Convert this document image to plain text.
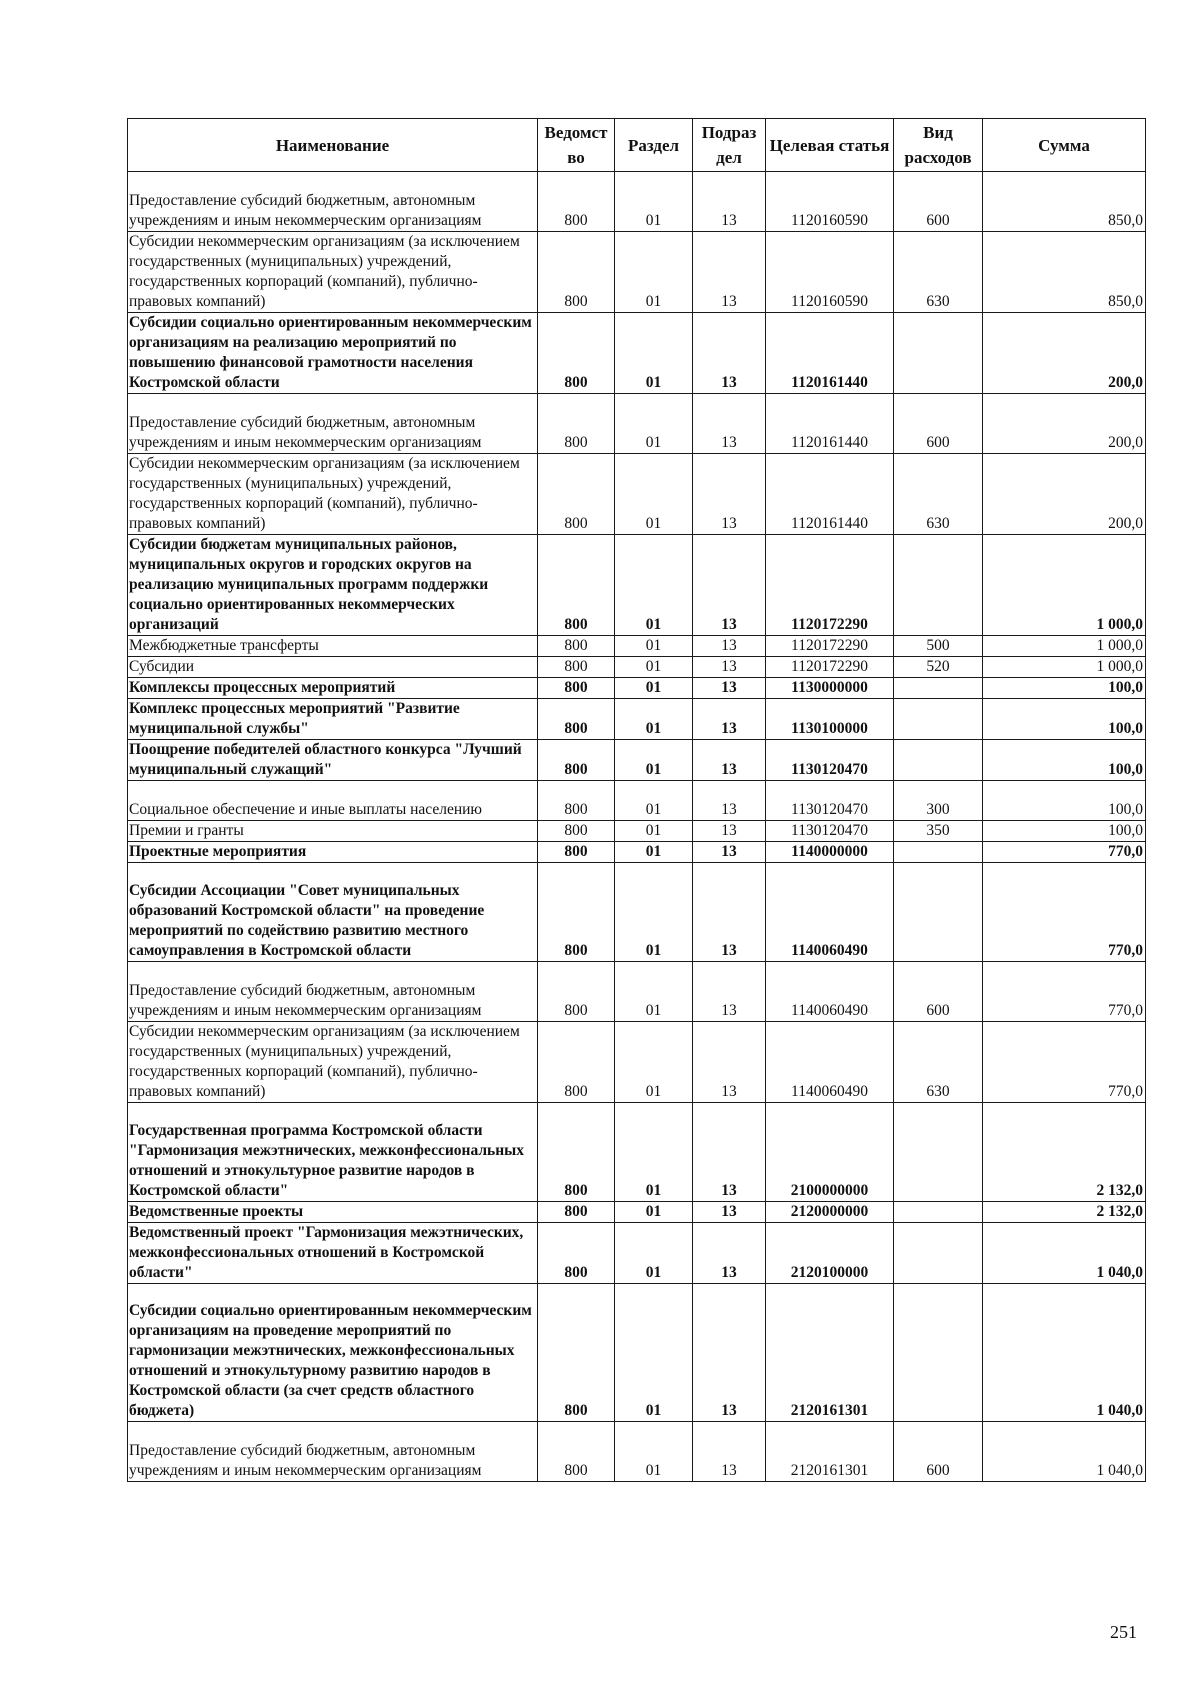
Наименование	Ведомст во	Раздел	Подраз дел	Целевая статья	Вид расходов	Сумма
Предоставление субсидий бюджетным, автономным учреждениям и иным некоммерческим организациям	800	01	13	1120160590	600	850,0
Субсидии некоммерческим организациям (за исключением государственных (муниципальных) учреждений, государственных корпораций (компаний), публично-правовых компаний)	800	01	13	1120160590	630	850,0
Субсидии социально ориентированным некоммерческим организациям на реализацию мероприятий по повышению финансовой грамотности населения Костромской области	800	01	13	1120161440		200,0
Предоставление субсидий бюджетным, автономным учреждениям и иным некоммерческим организациям	800	01	13	1120161440	600	200,0
Субсидии некоммерческим организациям (за исключением государственных (муниципальных) учреждений, государственных корпораций (компаний), публично-правовых компаний)	800	01	13	1120161440	630	200,0
Субсидии бюджетам муниципальных районов, муниципальных округов и городских округов на реализацию муниципальных программ поддержки социально ориентированных некоммерческих организаций	800	01	13	1120172290		1 000,0
Межбюджетные трансферты	800	01	13	1120172290	500	1 000,0
Субсидии	800	01	13	1120172290	520	1 000,0
Комплексы процессных мероприятий	800	01	13	1130000000		100,0
Комплекс процессных мероприятий "Развитие муниципальной службы"	800	01	13	1130100000		100,0
Поощрение победителей областного конкурса "Лучший муниципальный служащий"	800	01	13	1130120470		100,0
Социальное обеспечение и иные выплаты населению	800	01	13	1130120470	300	100,0
Премии и гранты	800	01	13	1130120470	350	100,0
Проектные мероприятия	800	01	13	1140000000		770,0
Субсидии Ассоциации "Совет муниципальных образований Костромской области" на проведение мероприятий по содействию развитию местного самоуправления в Костромской области	800	01	13	1140060490		770,0
Предоставление субсидий бюджетным, автономным учреждениям и иным некоммерческим организациям	800	01	13	1140060490	600	770,0
Субсидии некоммерческим организациям (за исключением государственных (муниципальных) учреждений, государственных корпораций (компаний), публично-правовых компаний)	800	01	13	1140060490	630	770,0
Государственная программа Костромской области "Гармонизация межэтнических, межконфессиональных отношений и этнокультурное развитие народов в Костромской области"	800	01	13	2100000000		2 132,0
Ведомственные проекты	800	01	13	2120000000		2 132,0
Ведомственный проект "Гармонизация межэтнических, межконфессиональных отношений в Костромской области"	800	01	13	2120100000		1 040,0
Субсидии социально ориентированным некоммерческим организациям на проведение мероприятий по гармонизации межэтнических, межконфессиональных отношений и этнокультурному развитию народов в Костромской области (за счет средств областного бюджета)	800	01	13	2120161301		1 040,0
Предоставление субсидий бюджетным, автономным учреждениям и иным некоммерческим организациям	800	01	13	2120161301	600	1 040,0
251
